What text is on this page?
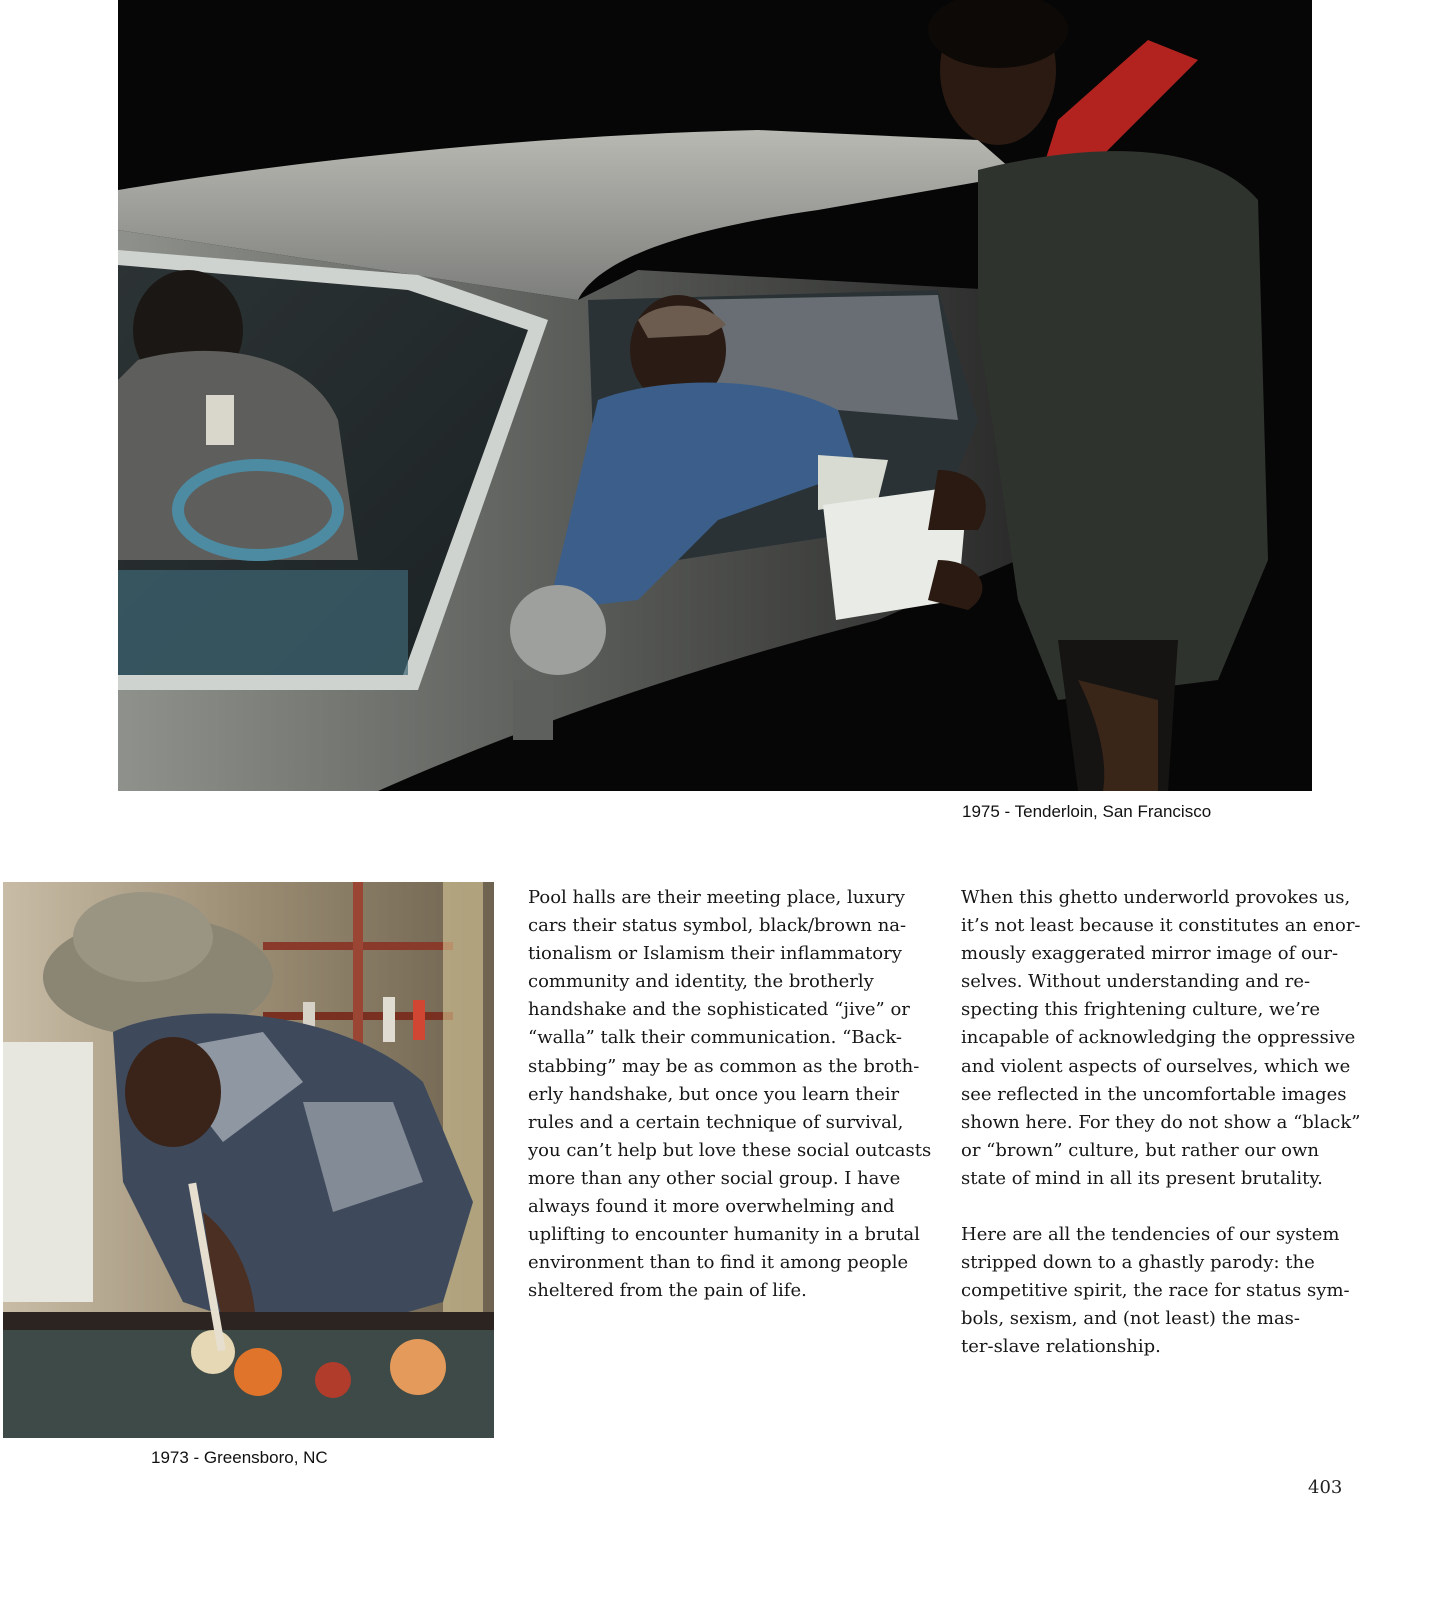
1975 - Tenderloin, San Francisco
1973 - Greensboro, NC

Pool halls are their meeting place, luxury
cars their status symbol, black/brown na-
tionalism or Islamism their inflammatory
community and identity, the brotherly
handshake and the sophisticated “jive” or
“walla” talk their communication. “Back-
stabbing” may be as common as the broth-
erly handshake, but once you learn their
rules and a certain technique of survival,
you can’t help but love these social outcasts
more than any other social group. I have
always found it more overwhelming and
uplifting to encounter humanity in a brutal
environment than to find it among people
sheltered from the pain of life.

When this ghetto underworld provokes us,
it’s not least because it constitutes an enor-
mously exaggerated mirror image of our-
selves. Without understanding and re-
specting this frightening culture, we’re
incapable of acknowledging the oppressive
and violent aspects of ourselves, which we
see reflected in the uncomfortable images
shown here. For they do not show a “black”
or “brown” culture, but rather our own
state of mind in all its present brutality.

Here are all the tendencies of our system
stripped down to a ghastly parody: the
competitive spirit, the race for status sym-
bols, sexism, and (not least) the mas-
ter-slave relationship.

403
